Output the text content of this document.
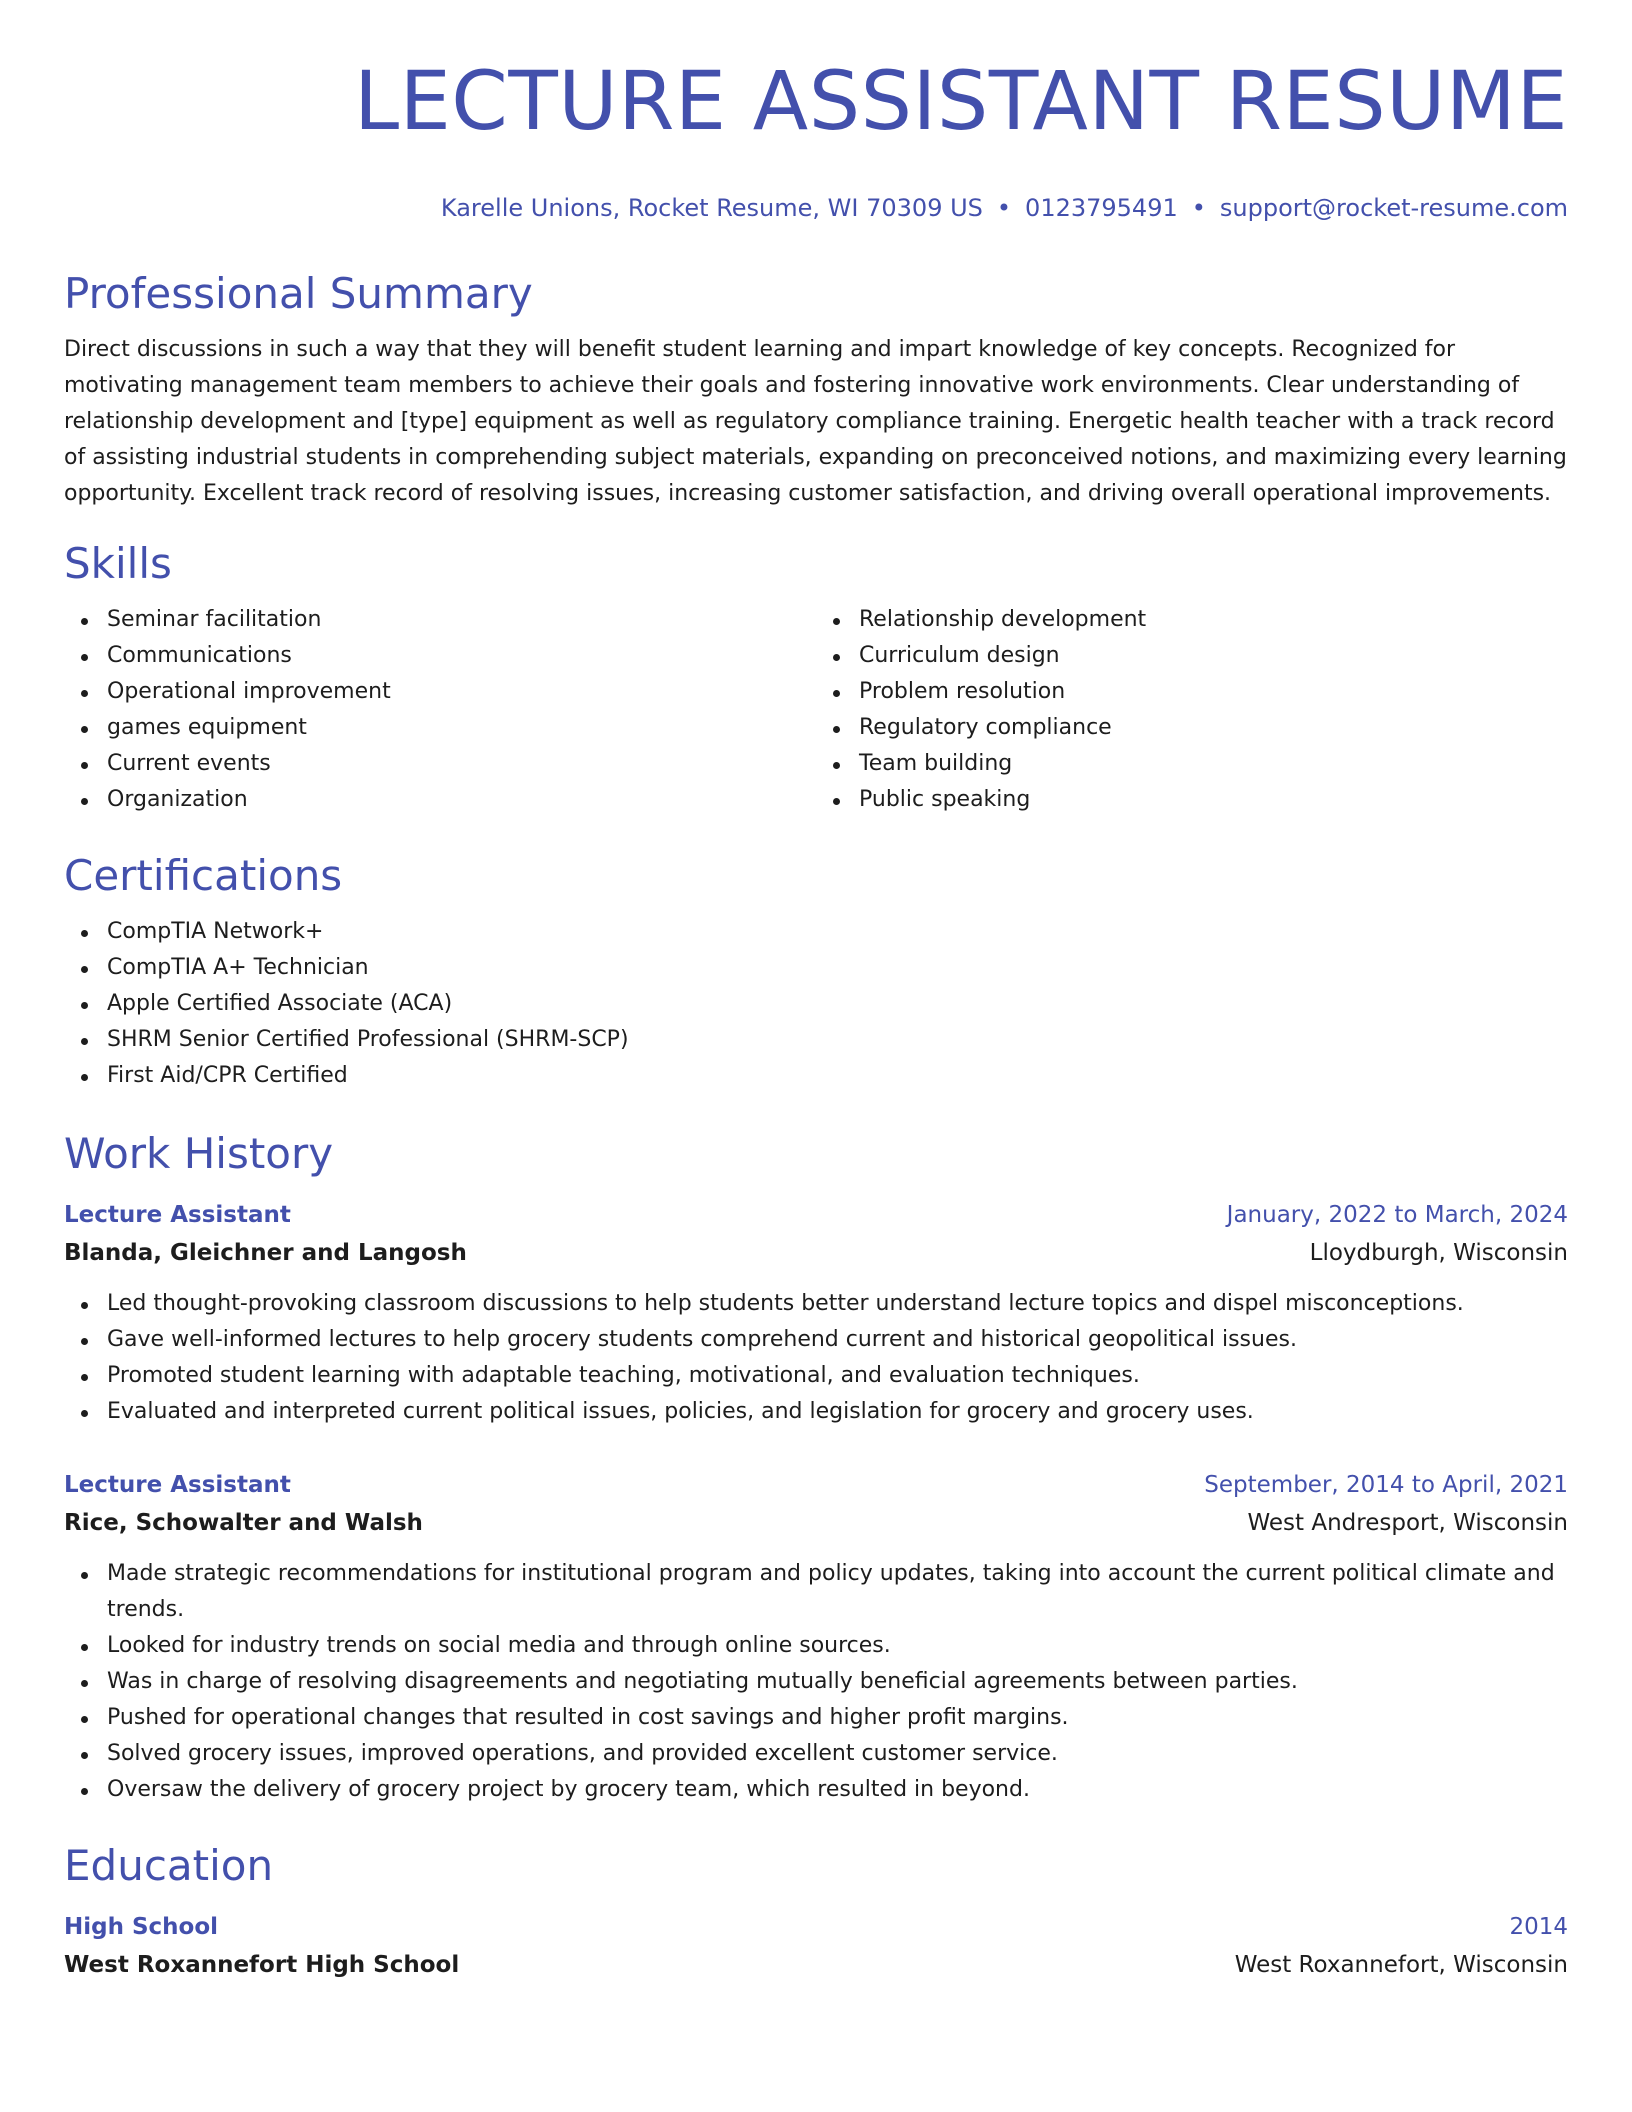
LECTURE ASSISTANT RESUME
Karelle Unions, Rocket Resume, WI 70309 US • 0123795491 • support@rocket-resume.com
Professional Summary

Direct discussions in such a way that they will benefit student learning and impart knowledge of key concepts. Recognized for motivating management team members to achieve their goals and fostering innovative work environments. Clear understanding of relationship development and [type] equipment as well as regulatory compliance training. Energetic health teacher with a track record of assisting industrial students in comprehending subject materials, expanding on preconceived notions, and maximizing every learning opportunity. Excellent track record of resolving issues, increasing customer satisfaction, and driving overall operational improvements.

Skills
Seminar facilitation
Communications
Operational improvement
games equipment
Current events
Organization
Relationship development
Curriculum design
Problem resolution
Regulatory compliance
Team building
Public speaking
Certifications
CompTIA Network+
CompTIA A+ Technician
Apple Certified Associate (ACA)
SHRM Senior Certified Professional (SHRM-SCP)
First Aid/CPR Certified
Work History
Lecture Assistant	January, 2022 to March, 2024
Blanda, Gleichner and Langosh	Lloydburgh, Wisconsin
Led thought-provoking classroom discussions to help students better understand lecture topics and dispel misconceptions.
Gave well-informed lectures to help grocery students comprehend current and historical geopolitical issues.
Promoted student learning with adaptable teaching, motivational, and evaluation techniques.
Evaluated and interpreted current political issues, policies, and legislation for grocery and grocery uses.
Lecture Assistant	September, 2014 to April, 2021
Rice, Schowalter and Walsh	West Andresport, Wisconsin
Made strategic recommendations for institutional program and policy updates, taking into account the current political climate and trends.
Looked for industry trends on social media and through online sources.
Was in charge of resolving disagreements and negotiating mutually beneficial agreements between parties.
Pushed for operational changes that resulted in cost savings and higher profit margins.
Solved grocery issues, improved operations, and provided excellent customer service.
Oversaw the delivery of grocery project by grocery team, which resulted in beyond.
Education
High School	2014
West Roxannefort High School	West Roxannefort, Wisconsin
